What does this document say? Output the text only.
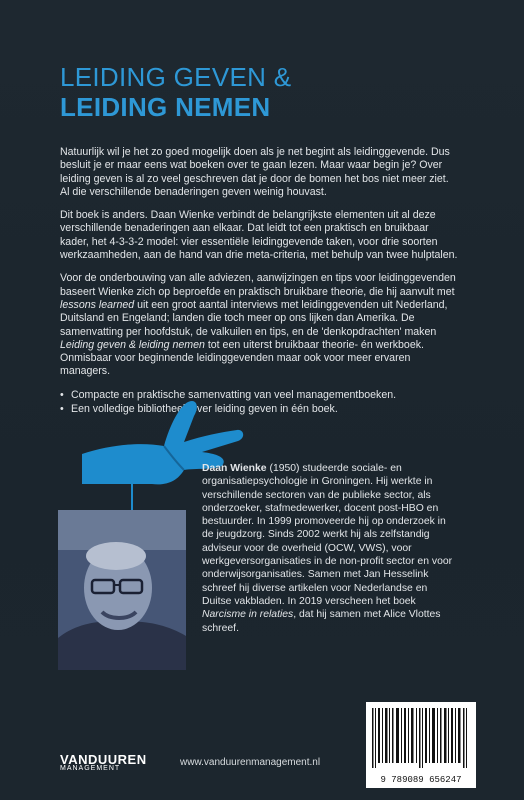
LEIDING GEVEN &
LEIDING NEMEN

Natuurlijk wil je het zo goed mogelijk doen als je net begint als leidinggevende. Dus besluit je er maar eens wat boeken over te gaan lezen. Maar waar begin je? Over leiding geven is al zo veel geschreven dat je door de bomen het bos niet meer ziet. Al die verschillende benaderingen geven weinig houvast.

Dit boek is anders. Daan Wienke verbindt de belangrijkste elementen uit al deze verschillende benaderingen aan elkaar. Dat leidt tot een praktisch en bruikbaar kader, het 4-3-3-2 model: vier essentiële leidinggevende taken, voor drie soorten werkzaamheden, aan de hand van drie meta-criteria, met behulp van twee hulptalen.

Voor de onderbouwing van alle adviezen, aanwijzingen en tips voor leidinggevenden baseert Wienke zich op beproefde en praktisch bruikbare theorie, die hij aanvult met lessons learned uit een groot aantal interviews met leidinggevenden uit Nederland, Duitsland en Engeland; landen die toch meer op ons lijken dan Amerika. De samenvatting per hoofdstuk, de valkuilen en tips, en de 'denkopdrachten' maken Leiding geven & leiding nemen tot een uiterst bruikbaar theorie- én werkboek. Onmisbaar voor beginnende leidinggevenden maar ook voor meer ervaren managers.

• Compacte en praktische samenvatting van veel managementboeken.
• Een volledige bibliotheek over leiding geven in één boek.
Daan Wienke (1950) studeerde sociale- en organisatiepsychologie in Groningen. Hij werkte in verschillende sectoren van de publieke sector, als onderzoeker, stafmedewerker, docent post-HBO en bestuurder. In 1999 promoveerde hij op onderzoek in de jeugdzorg. Sinds 2002 werkt hij als zelfstandig adviseur voor de overheid (OCW, VWS), voor werkgeversorganisaties in de non-profit sector en voor onderwijsorganisaties. Samen met Jan Hesselink schreef hij diverse artikelen voor Nederlandse en Duitse vakbladen. In 2019 verscheen het boek Narcisme in relaties, dat hij samen met Alice Vlottes schreef.
VANDUUREN
MANAGEMENT
www.vanduurenmanagement.nl
9 789089 656247
